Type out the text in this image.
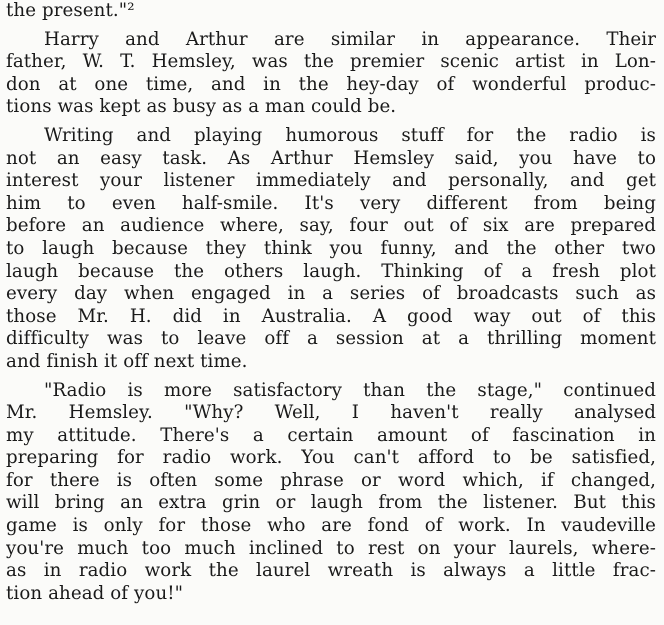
the present."²
Harry and Arthur are similar in appearance. Their
father, W. T. Hemsley, was the premier scenic artist in Lon-
don at one time, and in the hey-day of wonderful produc-
tions was kept as busy as a man could be.
Writing and playing humorous stuff for the radio is
not an easy task. As Arthur Hemsley said, you have to
interest your listener immediately and personally, and get
him to even half-smile. It's very different from being
before an audience where, say, four out of six are prepared
to laugh because they think you funny, and the other two
laugh because the others laugh. Thinking of a fresh plot
every day when engaged in a series of broadcasts such as
those Mr. H. did in Australia. A good way out of this
difficulty was to leave off a session at a thrilling moment
and finish it off next time.
"Radio is more satisfactory than the stage," continued
Mr. Hemsley. "Why? Well, I haven't really analysed
my attitude. There's a certain amount of fascination in
preparing for radio work. You can't afford to be satisfied,
for there is often some phrase or word which, if changed,
will bring an extra grin or laugh from the listener. But this
game is only for those who are fond of work. In vaudeville
you're much too much inclined to rest on your laurels, where-
as in radio work the laurel wreath is always a little frac-
tion ahead of you!"
